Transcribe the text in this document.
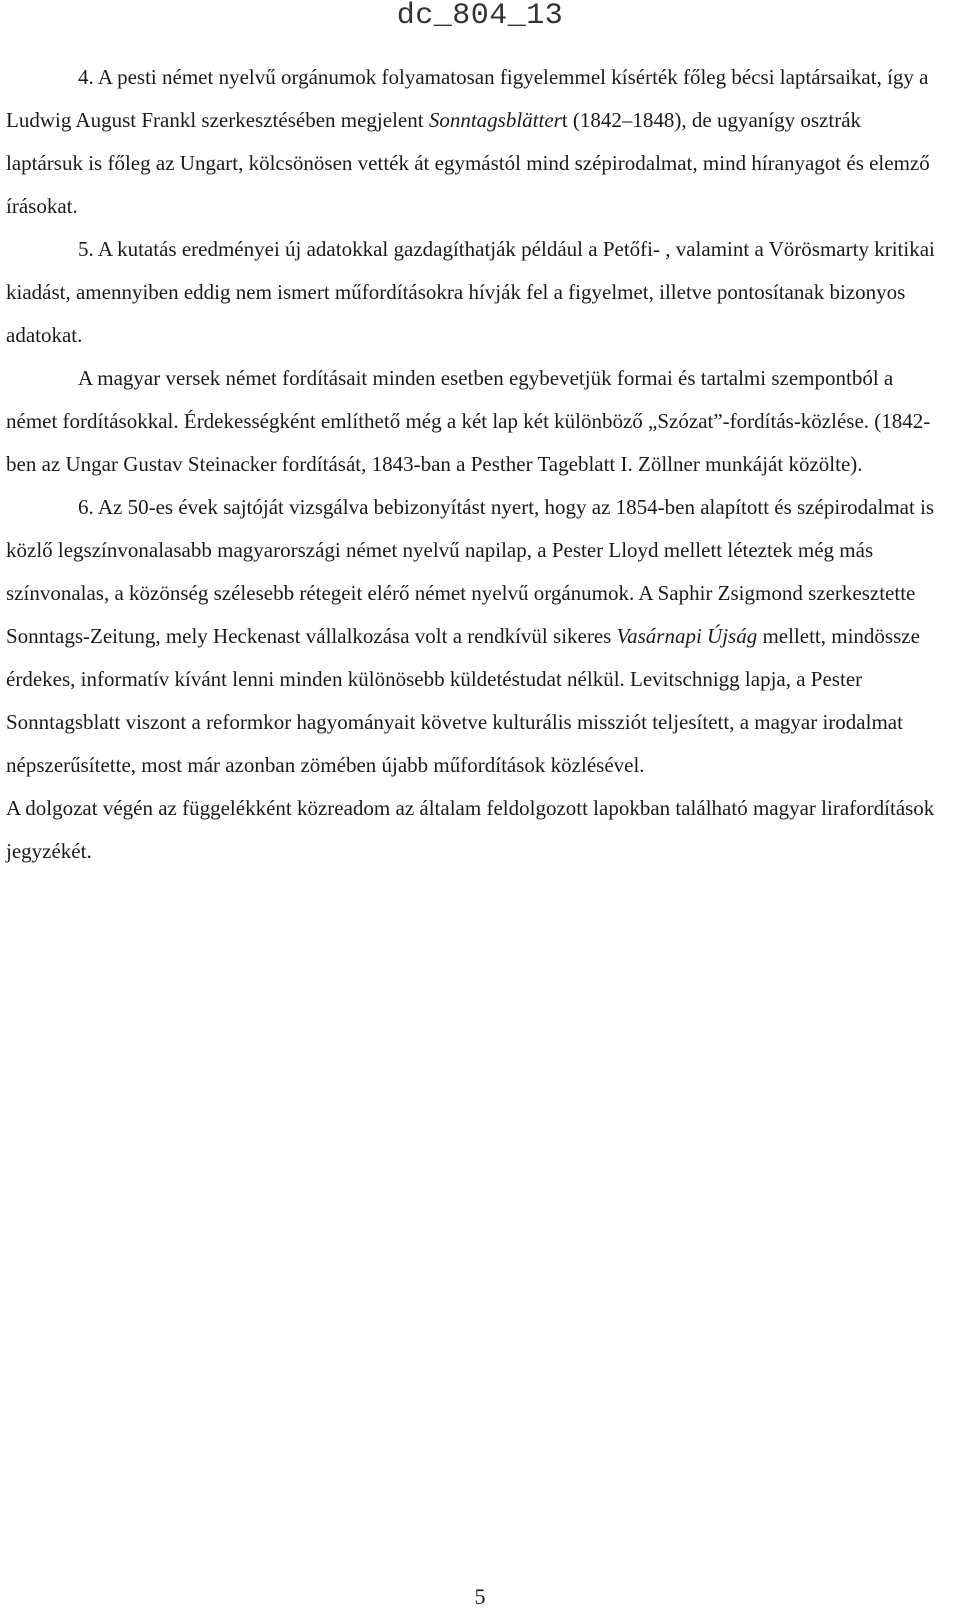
dc_804_13

4. A pesti német nyelvű orgánumok folyamatosan figyelemmel kísérték főleg bécsi laptársaikat, így a Ludwig August Frankl szerkesztésében megjelent Sonntagsblättert (1842–1848), de ugyanígy osztrák laptársuk is főleg az Ungart, kölcsönösen vették át egymástól mind szépirodalmat, mind híranyagot és elemző írásokat.

5. A kutatás eredményei új adatokkal gazdagíthatják például a Petőfi- , valamint a Vörösmarty kritikai kiadást, amennyiben eddig nem ismert műfordításokra hívják fel a figyelmet, illetve pontosítanak bizonyos adatokat.

A magyar versek német fordításait minden esetben egybevetjük formai és tartalmi szempontból a német fordításokkal. Érdekességként említhető még a két lap két különböző „Szózat”-fordítás-közlése. (1842-ben az Ungar Gustav Steinacker fordítását, 1843-ban a Pesther Tageblatt I. Zöllner munkáját közölte).

6. Az 50-es évek sajtóját vizsgálva bebizonyítást nyert, hogy az 1854-ben alapított és szépirodalmat is közlő legszínvonalasabb magyarországi német nyelvű napilap, a Pester Lloyd mellett léteztek még más színvonalas, a közönség szélesebb rétegeit elérő német nyelvű orgánumok. A Saphir Zsigmond szerkesztette Sonntags-Zeitung, mely Heckenast vállalkozása volt a rendkívül sikeres Vasárnapi Újság mellett, mindössze érdekes, informatív kívánt lenni minden különösebb küldetéstudat nélkül. Levitschnigg lapja, a Pester Sonntagsblatt viszont a reformkor hagyományait követve kulturális missziót teljesített, a magyar irodalmat népszerűsítette, most már azonban zömében újabb műfordítások közlésével.

A dolgozat végén az függelékként közreadom az általam feldolgozott lapokban található magyar lirafordítások jegyzékét.

5
